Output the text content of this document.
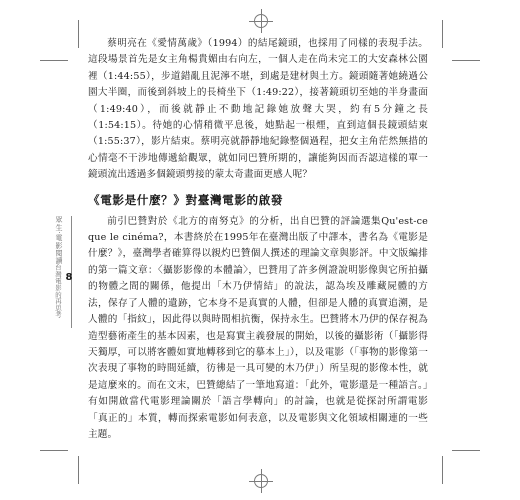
眾生·電影閱讀
台灣電影的再思考 8

蔡明亮在《愛情萬歲》（1994）的結尾鏡頭，也採用了同樣的表現手法。這段場景首先是女主角楊貴媚由右向左，一個人走在尚未完工的大安森林公園裡（1:44:55），步道錯亂且泥濘不堪，到處是建材與土方。鏡頭隨著她繞過公園大半圈，而後到斜坡上的長椅坐下（1:49:22），接著鏡頭切至她的半身畫面（1:49:40），而後就靜止不動地記錄她放聲大哭，約有5分鐘之長（1:54:15）。待她的心情稍微平息後，她點起一根煙，直到這個長鏡頭結束（1:55:37），影片結束。蔡明亮就靜靜地紀錄整個過程，把女主角茫然無措的心情毫不干涉地傳遞給觀眾，就如同巴贊所期的，讓能夠因而否認這樣的單一鏡頭流出透過多個鏡頭剪接的蒙太奇畫面更感人呢？

《電影是什麼？》對臺灣電影的啟發

前引巴贊對於《北方的南努克》的分析，出自巴贊的評論選集Qu'est-ce que le cinéma?，本書終於在1995年在臺灣出版了中譯本，書名為《電影是什麼？》，臺灣學者確算得以親灼巴贊個人撰述的理論文章與影評。中文版編排的第一篇文章：〈攝影影像的本體論〉，巴贊用了許多例證說明影像與它所拍攝的物體之間的關係，他提出「木乃伊情結」的說法，認為埃及雕藏屍體的方法，保存了人體的遺跡，它本身不是真實的人體，但卻是人體的真實追溯，是人體的「指紋」，因此得以與時間相抗衡，保持永生。巴贊將木乃伊的保存視為造型藝術產生的基本因素，也是寫實主義發展的開始，以後的攝影術（「攝影得天獨厚，可以將客體如實地轉移到它的摹本上」），以及電影（「事物的影像第一次表現了事物的時間延續，彷彿是一具可變的木乃伊」）所呈現的影像本性，就是這麼來的。而在文末，巴贊總結了一筆地寫道：「此外，電影還是一種語言。」有如開啟當代電影理論關於「語言學轉向」的討論，也就是從探討所謂電影「真正的」本質，轉而探索電影如何表意，以及電影與文化領域相關連的一些主題。
